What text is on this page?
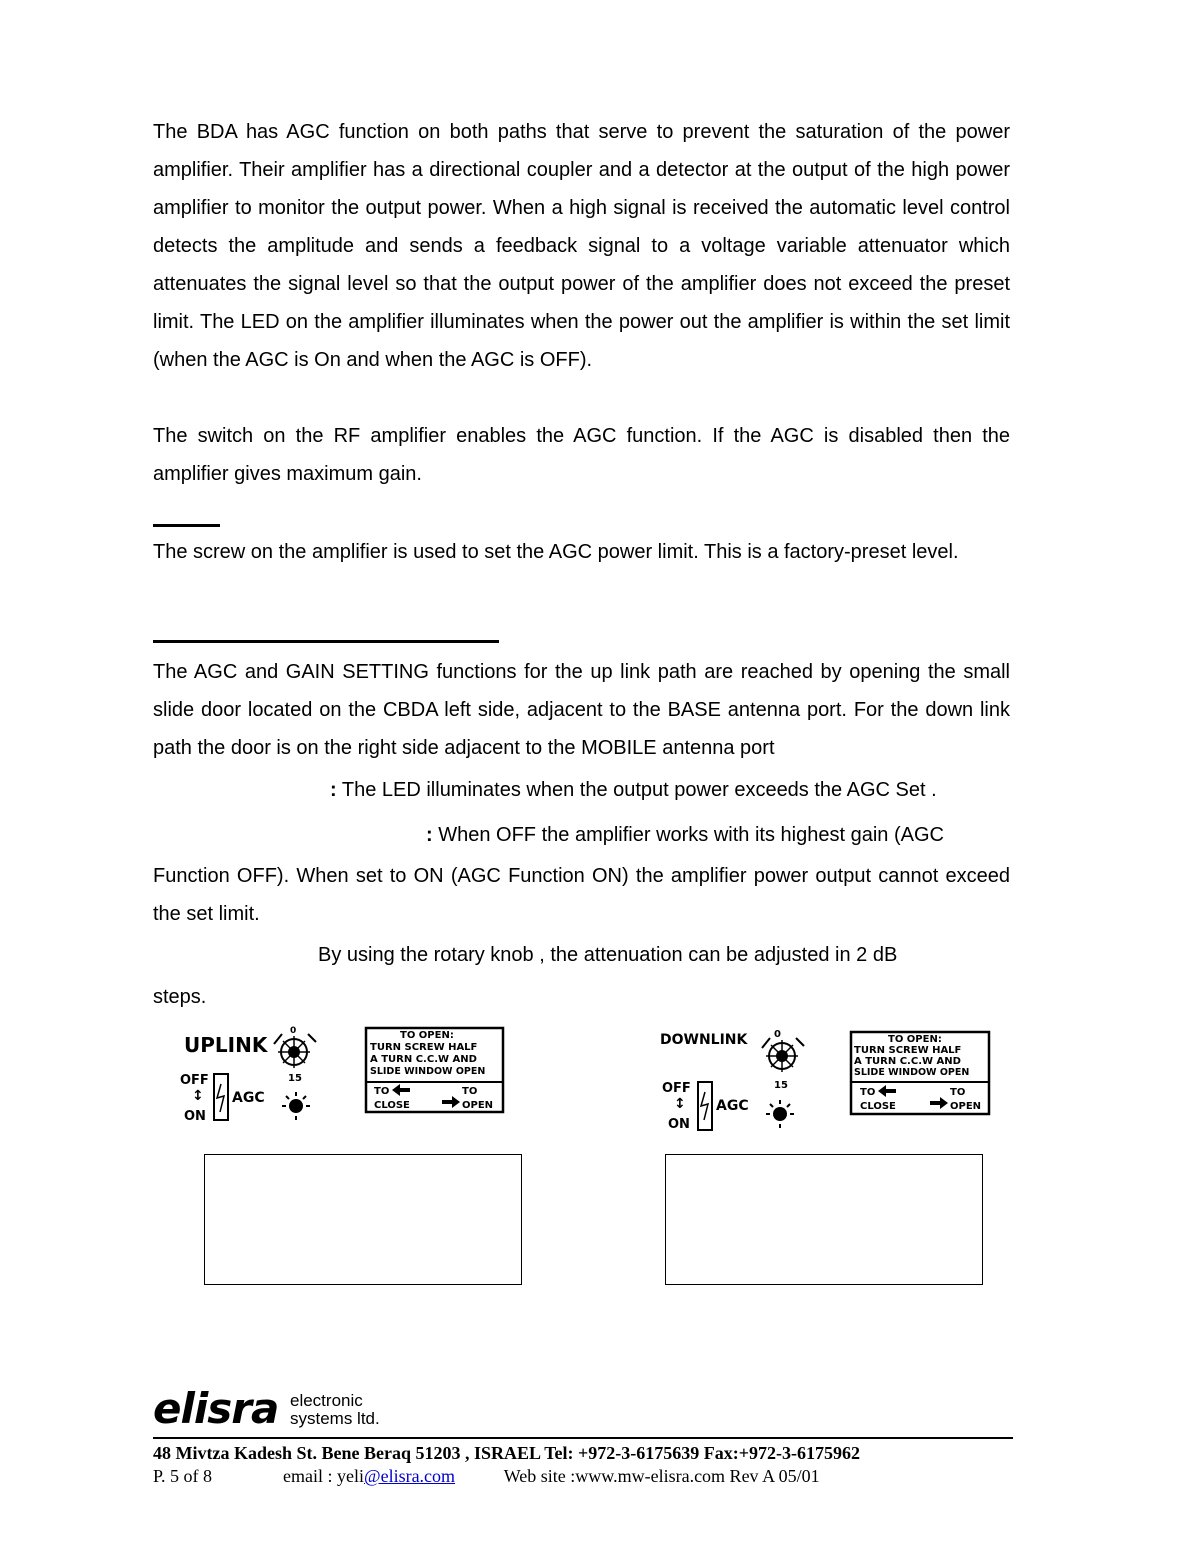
The BDA has AGC function on both paths that serve to prevent the saturation of the power amplifier. Their amplifier has a directional coupler and a detector at the output of the high power amplifier to monitor the output power. When a high signal is received the automatic level control detects the amplitude and sends a feedback signal to a voltage variable attenuator which attenuates the signal level so that the output power of the amplifier does not exceed the preset limit. The LED on the amplifier illuminates when the power out the amplifier is within the set limit (when the AGC is On and when the AGC is OFF).

The switch on the RF amplifier enables the AGC function. If the AGC is disabled then the amplifier gives maximum gain.

The screw on the amplifier is used to set the AGC power limit. This is a factory-preset level.

The AGC and GAIN SETTING functions for the up link path are reached by opening the small slide door located on the CBDA left side, adjacent to the BASE antenna port. For the down link path the door is on the right side adjacent to the MOBILE antenna port

: The LED illuminates when the output power exceeds the AGC Set .
: When OFF the amplifier works with its highest gain (AGC

Function OFF). When set to ON (AGC Function ON) the amplifier power output cannot exceed the set limit.

By using the rotary knob , the attenuation can be adjusted in 2 dB
steps.
UPLINK
0
15
OFF
↕
ON
AGC
TO OPEN:
TURN SCREW HALF
A TURN C.C.W AND
SLIDE WINDOW OPEN
TO
CLOSE
TO
OPEN
DOWNLINK	0
15
OFF
↕
ON
AGC
TO OPEN:
TURN SCREW HALF
A TURN C.C.W AND
SLIDE WINDOW OPEN
TO
CLOSE
TO
OPEN
elisra electronic
systems ltd.
48 Mivtza Kadesh St. Bene Beraq 51203 , ISRAEL Tel: +972-3-6175639 Fax:+972-3-6175962
P. 5 of 8	email : yeli@elisra.com	Web site :www.mw-elisra.com Rev A 05/01
